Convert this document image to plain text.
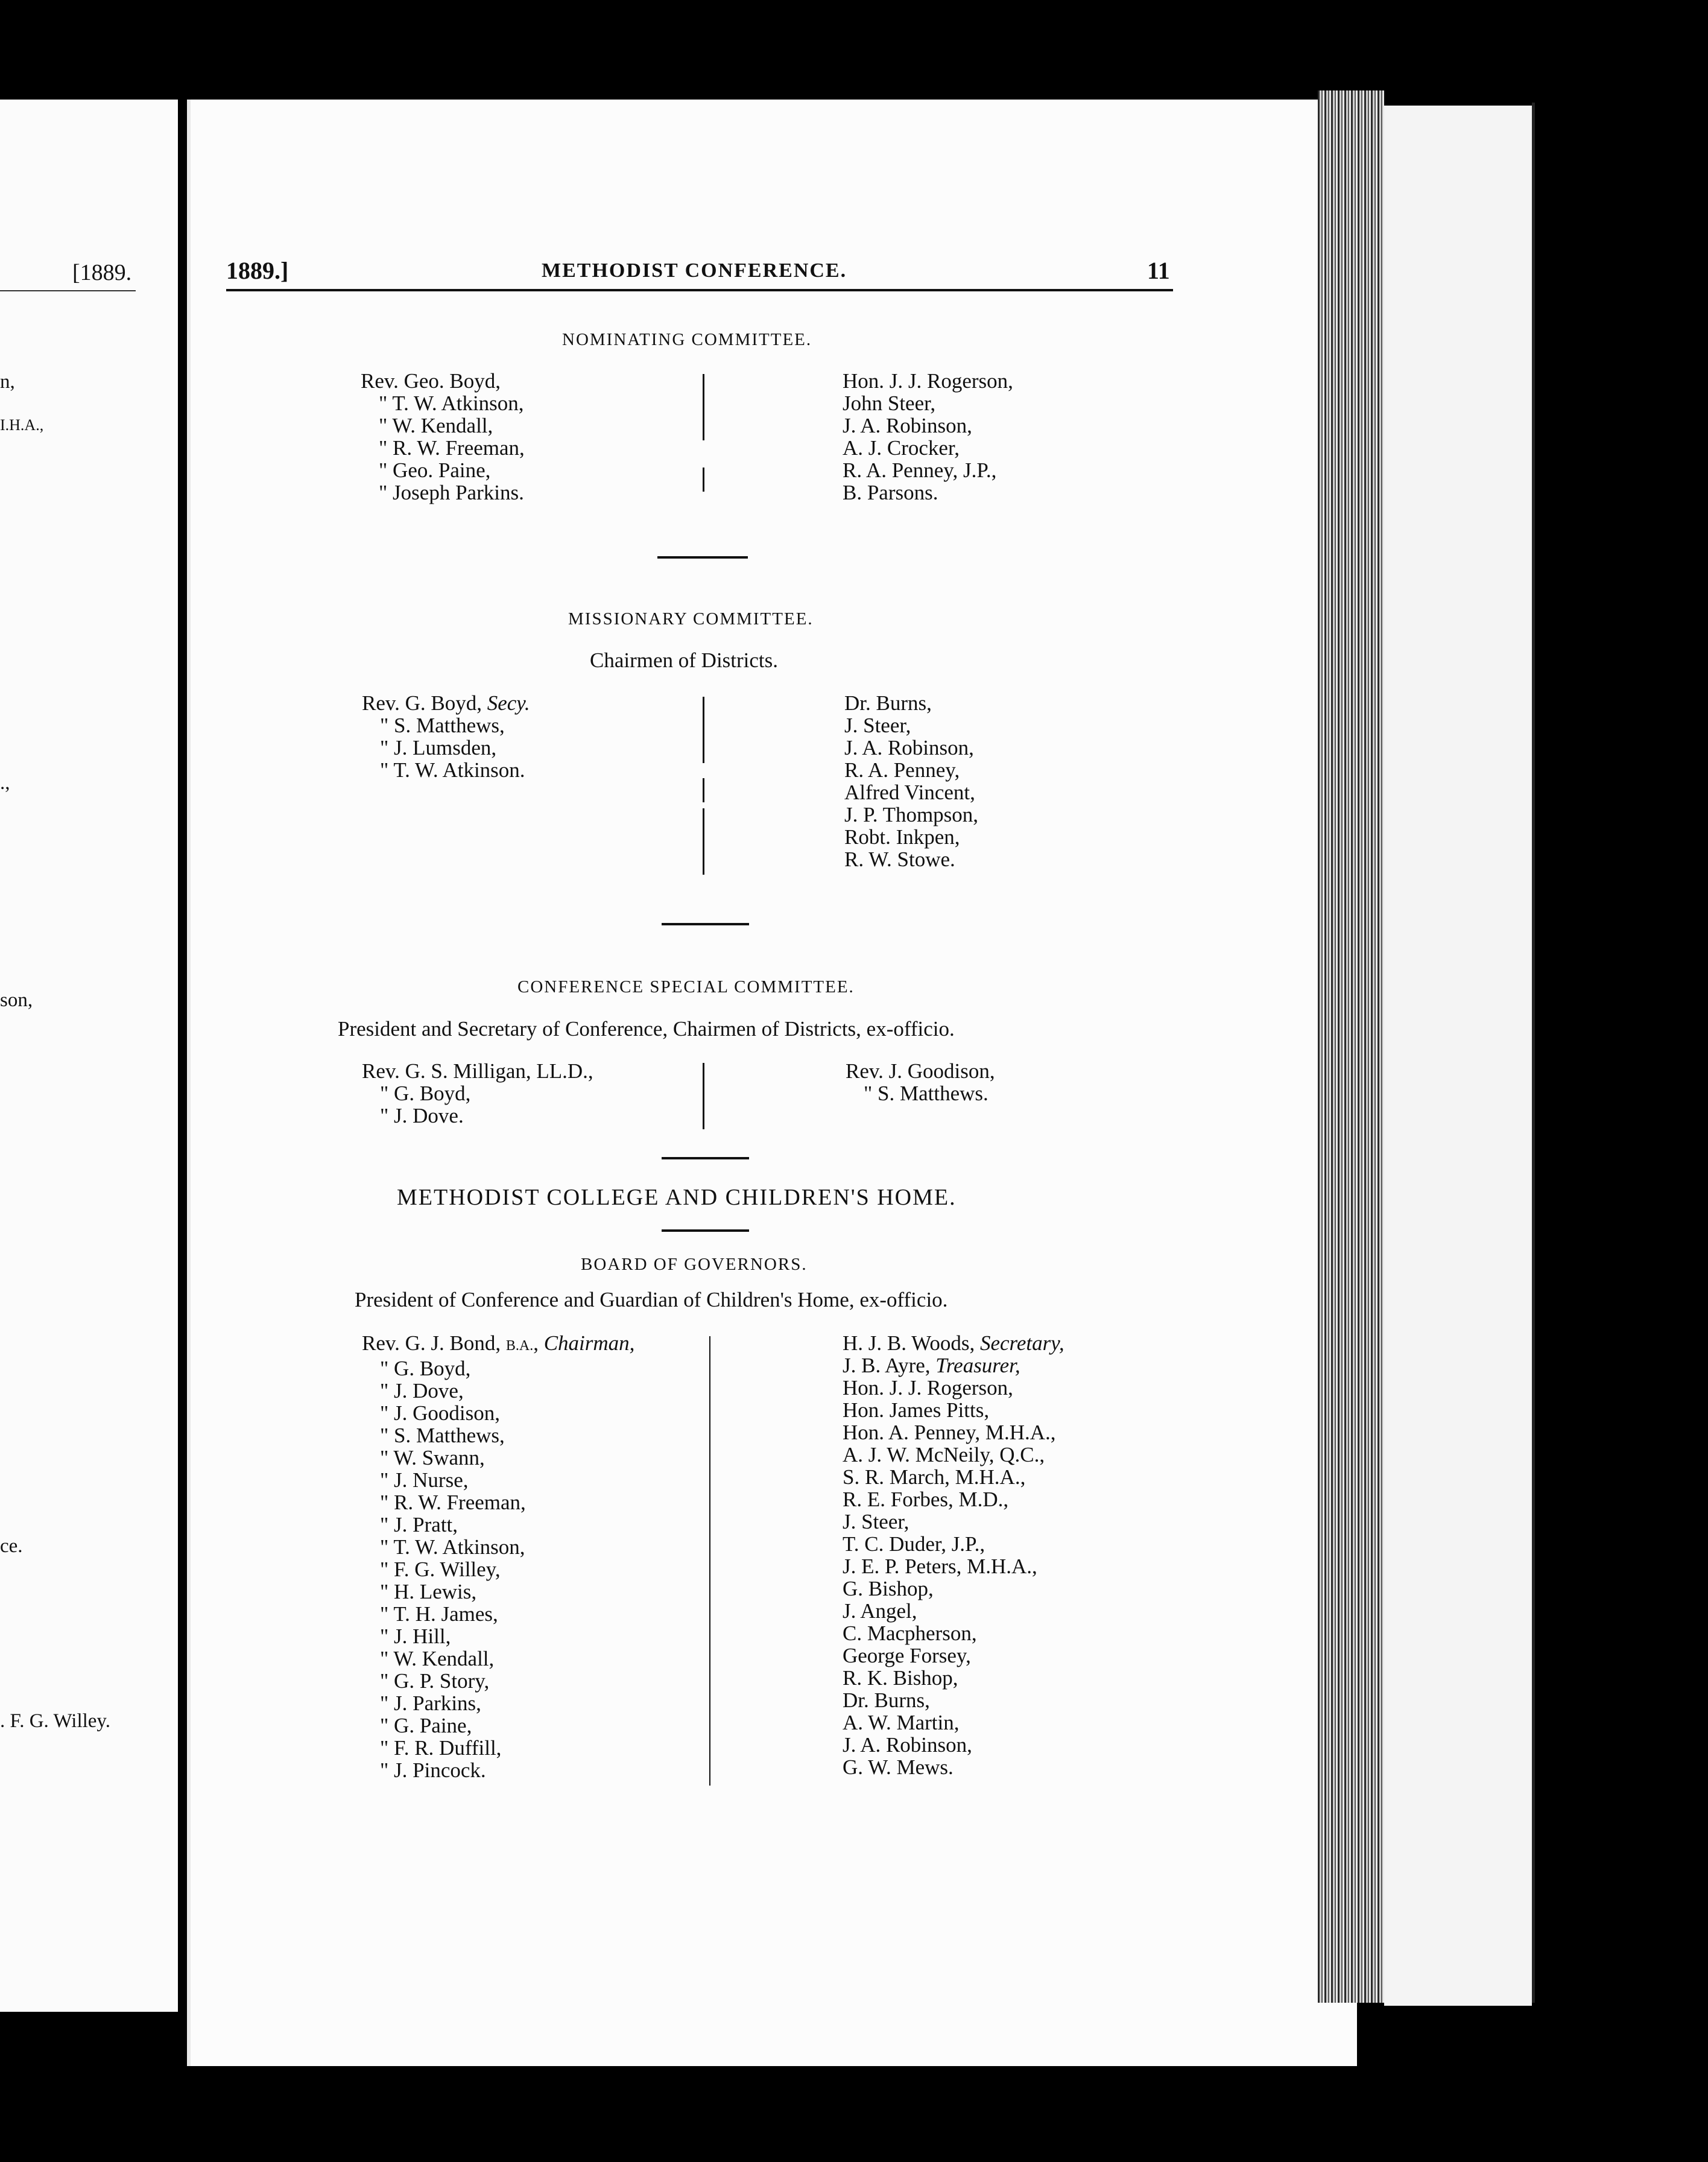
[1889.
n,
I.H.A.,
.,
son,
ce.
. F. G. Willey.
1889.]	METHODIST CONFERENCE.	11
NOMINATING COMMITTEE.
Rev. Geo. Boyd,
" T. W. Atkinson,
" W. Kendall,
" R. W. Freeman,
" Geo. Paine,
" Joseph Parkins.
Hon. J. J. Rogerson,
John Steer,
J. A. Robinson,
A. J. Crocker,
R. A. Penney, J.P.,
B. Parsons.
MISSIONARY COMMITTEE.
Chairmen of Districts.
Rev. G. Boyd, Secy.
" S. Matthews,
" J. Lumsden,
" T. W. Atkinson.
Dr. Burns,
J. Steer,
J. A. Robinson,
R. A. Penney,
Alfred Vincent,
J. P. Thompson,
Robt. Inkpen,
R. W. Stowe.
CONFERENCE SPECIAL COMMITTEE.
President and Secretary of Conference, Chairmen of Districts, ex-officio.
Rev. G. S. Milligan, LL.D.,
" G. Boyd,
" J. Dove.
Rev. J. Goodison,
" S. Matthews.
METHODIST COLLEGE AND CHILDREN'S HOME.
BOARD OF GOVERNORS.
President of Conference and Guardian of Children's Home, ex-officio.
Rev. G. J. Bond, B.A., Chairman,
" G. Boyd,
" J. Dove,
" J. Goodison,
" S. Matthews,
" W. Swann,
" J. Nurse,
" R. W. Freeman,
" J. Pratt,
" T. W. Atkinson,
" F. G. Willey,
" H. Lewis,
" T. H. James,
" J. Hill,
" W. Kendall,
" G. P. Story,
" J. Parkins,
" G. Paine,
" F. R. Duffill,
" J. Pincock.
H. J. B. Woods, Secretary,
J. B. Ayre, Treasurer,
Hon. J. J. Rogerson,
Hon. James Pitts,
Hon. A. Penney, M.H.A.,
A. J. W. McNeily, Q.C.,
S. R. March, M.H.A.,
R. E. Forbes, M.D.,
J. Steer,
T. C. Duder, J.P.,
J. E. P. Peters, M.H.A.,
G. Bishop,
J. Angel,
C. Macpherson,
George Forsey,
R. K. Bishop,
Dr. Burns,
A. W. Martin,
J. A. Robinson,
G. W. Mews.
